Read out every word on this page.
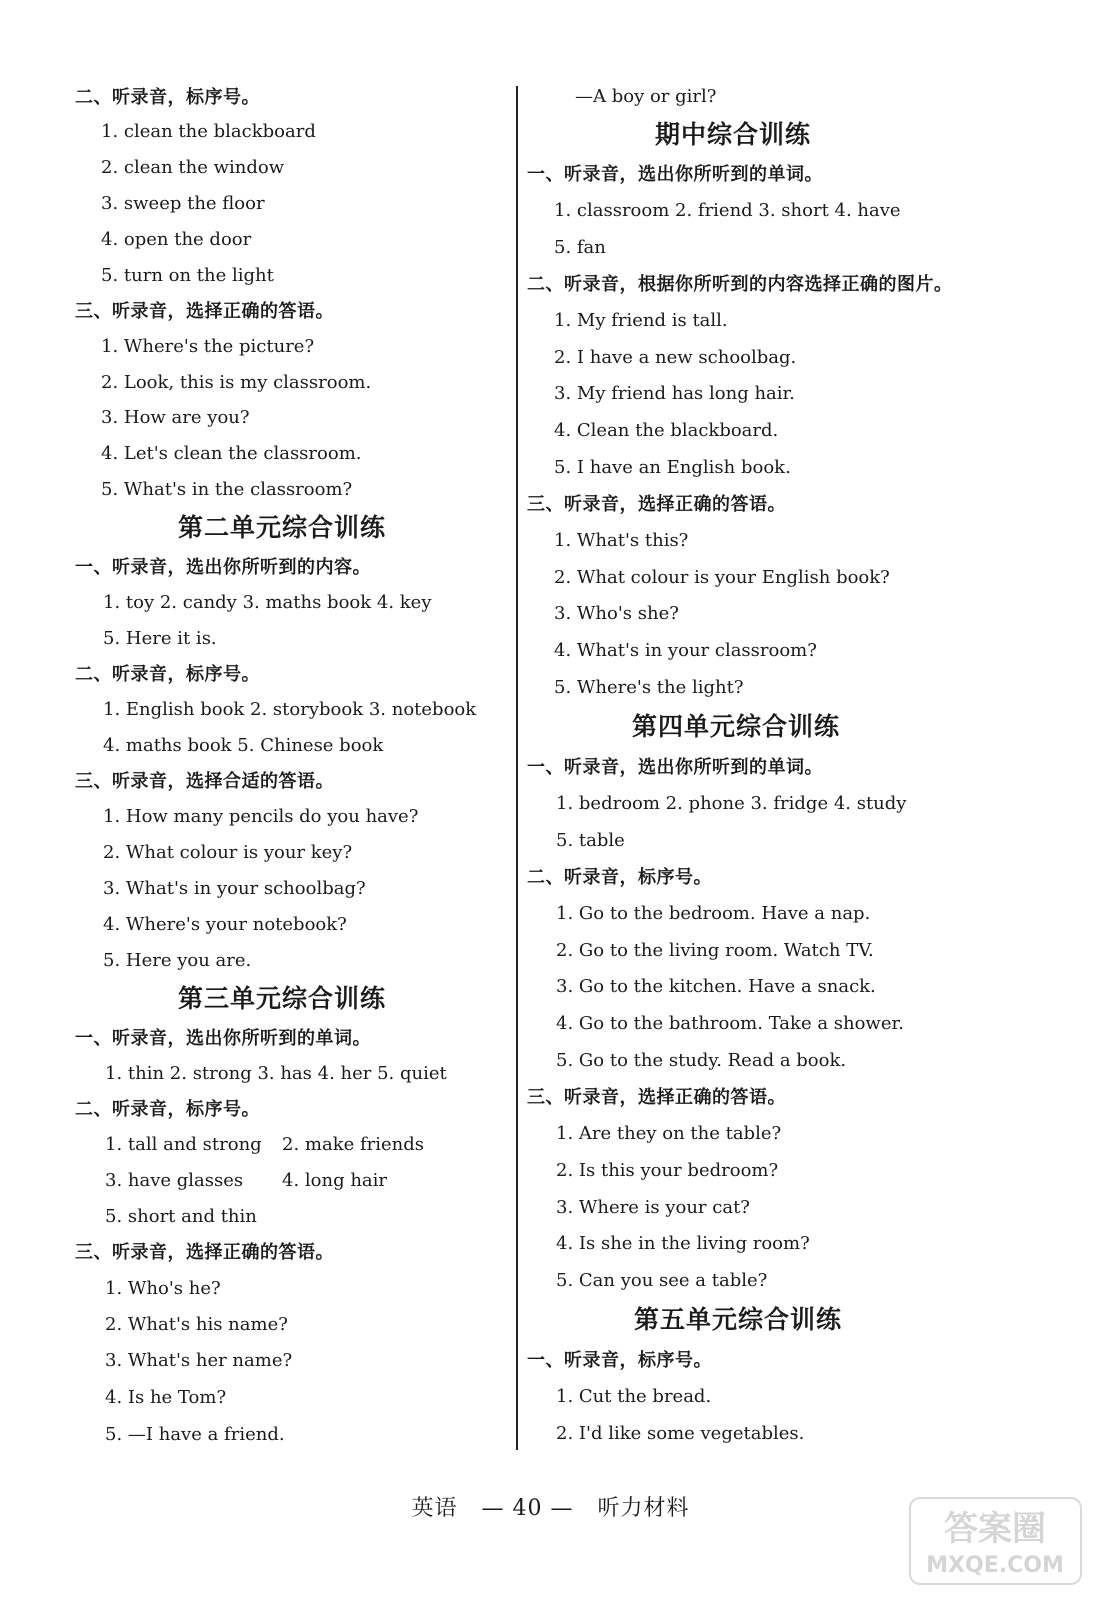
二、听录音，标序号。
1. clean the blackboard
2. clean the window
3. sweep the floor
4. open the door
5. turn on the light
三、听录音，选择正确的答语。
1. Where's the picture?
2. Look, this is my classroom.
3. How are you?
4. Let's clean the classroom.
5. What's in the classroom?
第二单元综合训练
一、听录音，选出你所听到的内容。
1. toy 2. candy 3. maths book 4. key
5. Here it is.
二、听录音，标序号。
1. English book 2. storybook 3. notebook
4. maths book 5. Chinese book
三、听录音，选择合适的答语。
1. How many pencils do you have?
2. What colour is your key?
3. What's in your schoolbag?
4. Where's your notebook?
5. Here you are.
第三单元综合训练
一、听录音，选出你所听到的单词。
1. thin 2. strong 3. has 4. her 5. quiet
二、听录音，标序号。
1. tall and strong 2. make friends
3. have glasses 4. long hair
5. short and thin
三、听录音，选择正确的答语。
1. Who's he?
2. What's his name?
3. What's her name?
4. Is he Tom?
5. —I have a friend.
—A boy or girl?
期中综合训练
一、听录音，选出你所听到的单词。
1. classroom 2. friend 3. short 4. have
5. fan
二、听录音，根据你所听到的内容选择正确的图片。
1. My friend is tall.
2. I have a new schoolbag.
3. My friend has long hair.
4. Clean the blackboard.
5. I have an English book.
三、听录音，选择正确的答语。
1. What's this?
2. What colour is your English book?
3. Who's she?
4. What's in your classroom?
5. Where's the light?
第四单元综合训练
一、听录音，选出你所听到的单词。
1. bedroom 2. phone 3. fridge 4. study
5. table
二、听录音，标序号。
1. Go to the bedroom. Have a nap.
2. Go to the living room. Watch TV.
3. Go to the kitchen. Have a snack.
4. Go to the bathroom. Take a shower.
5. Go to the study. Read a book.
三、听录音，选择正确的答语。
1. Are they on the table?
2. Is this your bedroom?
3. Where is your cat?
4. Is she in the living room?
5. Can you see a table?
第五单元综合训练
一、听录音，标序号。
1. Cut the bread.
2. I'd like some vegetables.
英语 — 40 — 听力材料
答案圈
MXQE.COM
